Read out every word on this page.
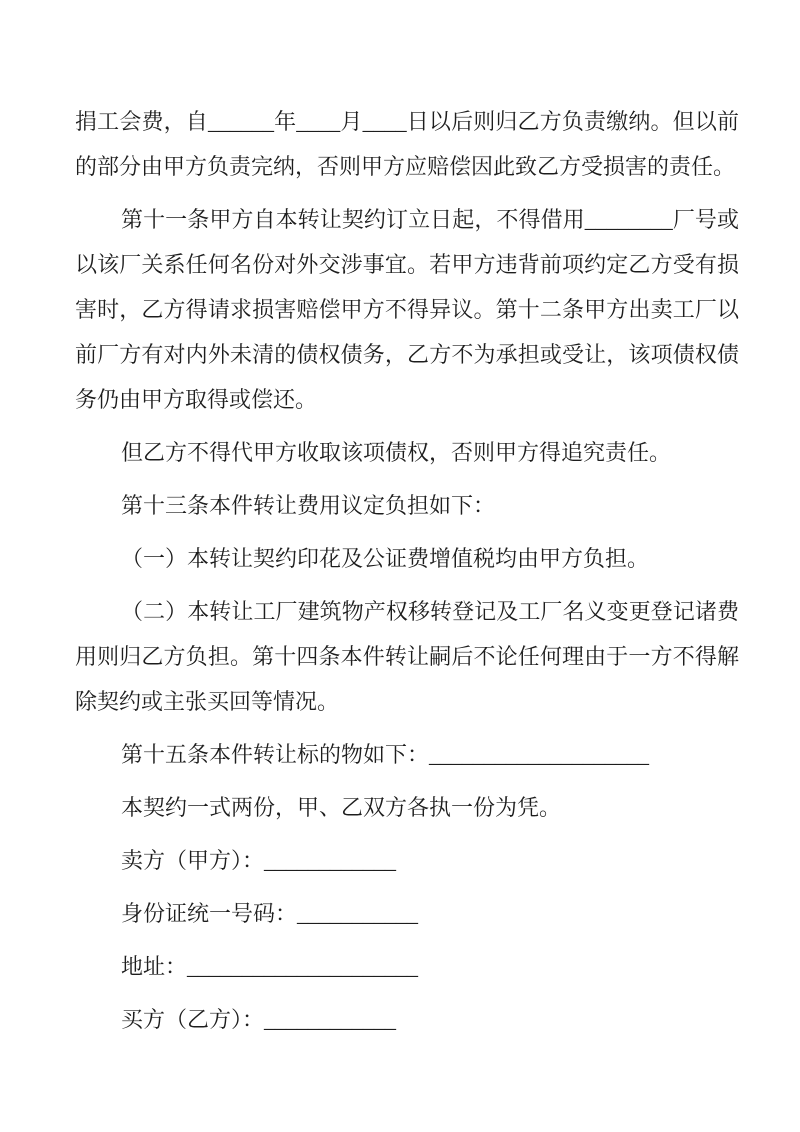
捐工会费，自______年____月____日以后则归乙方负责缴纳。但以前的部分由甲方负责完纳，否则甲方应赔偿因此致乙方受损害的责任。

第十一条甲方自本转让契约订立日起，不得借用________厂号或以该厂关系任何名份对外交涉事宜。若甲方违背前项约定乙方受有损害时，乙方得请求损害赔偿甲方不得异议。第十二条甲方出卖工厂以前厂方有对内外未清的债权债务，乙方不为承担或受让，该项债权债务仍由甲方取得或偿还。

但乙方不得代甲方收取该项债权，否则甲方得追究责任。

第十三条本件转让费用议定负担如下：

（一）本转让契约印花及公证费增值税均由甲方负担。

（二）本转让工厂建筑物产权移转登记及工厂名义变更登记诸费用则归乙方负担。第十四条本件转让嗣后不论任何理由于一方不得解除契约或主张买回等情况。

第十五条本件转让标的物如下：____________________

本契约一式两份，甲、乙双方各执一份为凭。

卖方（甲方）：____________

身份证统一号码：___________

地址：_____________________

买方（乙方）：____________
